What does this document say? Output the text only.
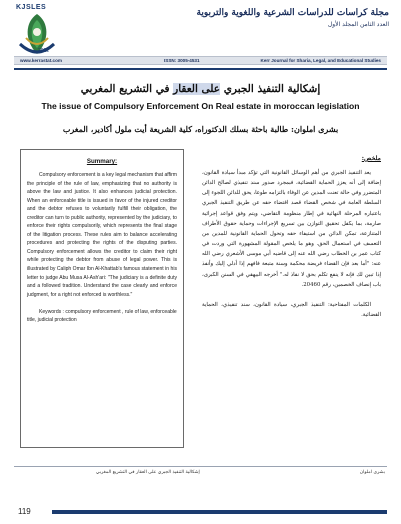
KJSLES
2022
مجلة كراسات للدراسات الشرعية واللغوية والتربوية
العدد الثامن المجلد الأول
www.kerrastat.com	ISSN: 3005-4531	Kerr Journal for Sharia, Legal, and Educational Studies
إشكالية التنفيذ الجبري على العقار في التشريع المغربي
The issue of Compulsory Enforcement On Real estate in moroccan legislation
بشرى املوان: طالبة باحثة بسلك الدكتوراه، كلية الشريعة أيت ملول أكادير، المغرب
Summary:
Compulsory enforcement is a key legal mechanism that affirm the principle of the rule of law, emphasizing that no authority is above the law and justice. It also enhances judicial protection. When an enforceable title is issued in favor of the injured creditor and the debtor refuses to voluntarily fulfill their obligation, the creditor can turn to public authority, represented by the judiciary, to enforce their rights compulsorily, which represents the final stage of the litigation process. These rules aim to balance accelerating procedures and protecting the rights of the disputing parties. Compulsory enforcement allows the creditor to claim their right while protecting the debtor from abuse of legal power. This is illustrated by Caliph Omar Ibn Al-Khattab's famous statement in his letter to judge Abu Musa Al-Ash'ari: "The judiciary is a definite duty and a followed tradition. Understand the case clearly and enforce judgment, for a right not enforced is worthless."
Keywords : compulsory enforcement , rule of law, enforceable title, judicial protection
ملخص:
يعد التنفيذ الجبري من أهم الوسائل القانونية التي تؤكد مبدأ سيادة القانون، إضافة إلى أنه يعزز الحماية القضائية، فبمجرد صدور سند تنفيذي لصالح الدائن المتضرر وفي حالة تعنت المدين عن الوفاء بالتزامه طوعا، يحق للدائن اللجوء إلى السلطة العامة في شخص القضاء قصد اقتضاء حقه عن طريق التنفيذ الجبري باعتباره المرحلة النهائية في إطار منظومة التقاضي، ويتم وفق قواعد إجرائية صارمة، بما يكفل تحقيق التوازن بين تسريع الإجراءات وحماية حقوق الأطراف المتنازعة، تمكن الدائن من استيفاء حقه وتحول الحماية القانونية للمدين من التعسف في استعمال الحق. وهو ما يلخص المقولة المشهورة التي وردت في كتاب عمر بن الخطاب رضي الله عنه إلى قاضيه أبي موسى الأشعري رضي الله عنه: "أما بعد فإن القضاء فريضة محكمة وسنة متبعة فافهم إذا أدلي إليك وأنفذ إذا تبين لك فإنه لا ينفع تكلم بحق لا نفاذ له." أخرجه البيهقي في السنن الكبرى، باب إنصاف الخصمين، رقم 20460.
الكلمات المفتاحية: التنفيذ الجبري، سيادة القانون، سند تنفيذي، الحماية القضائية.
بشرى املوان
إشكالية التنفيذ الجبري على العقار في التشريع المغربي
119
